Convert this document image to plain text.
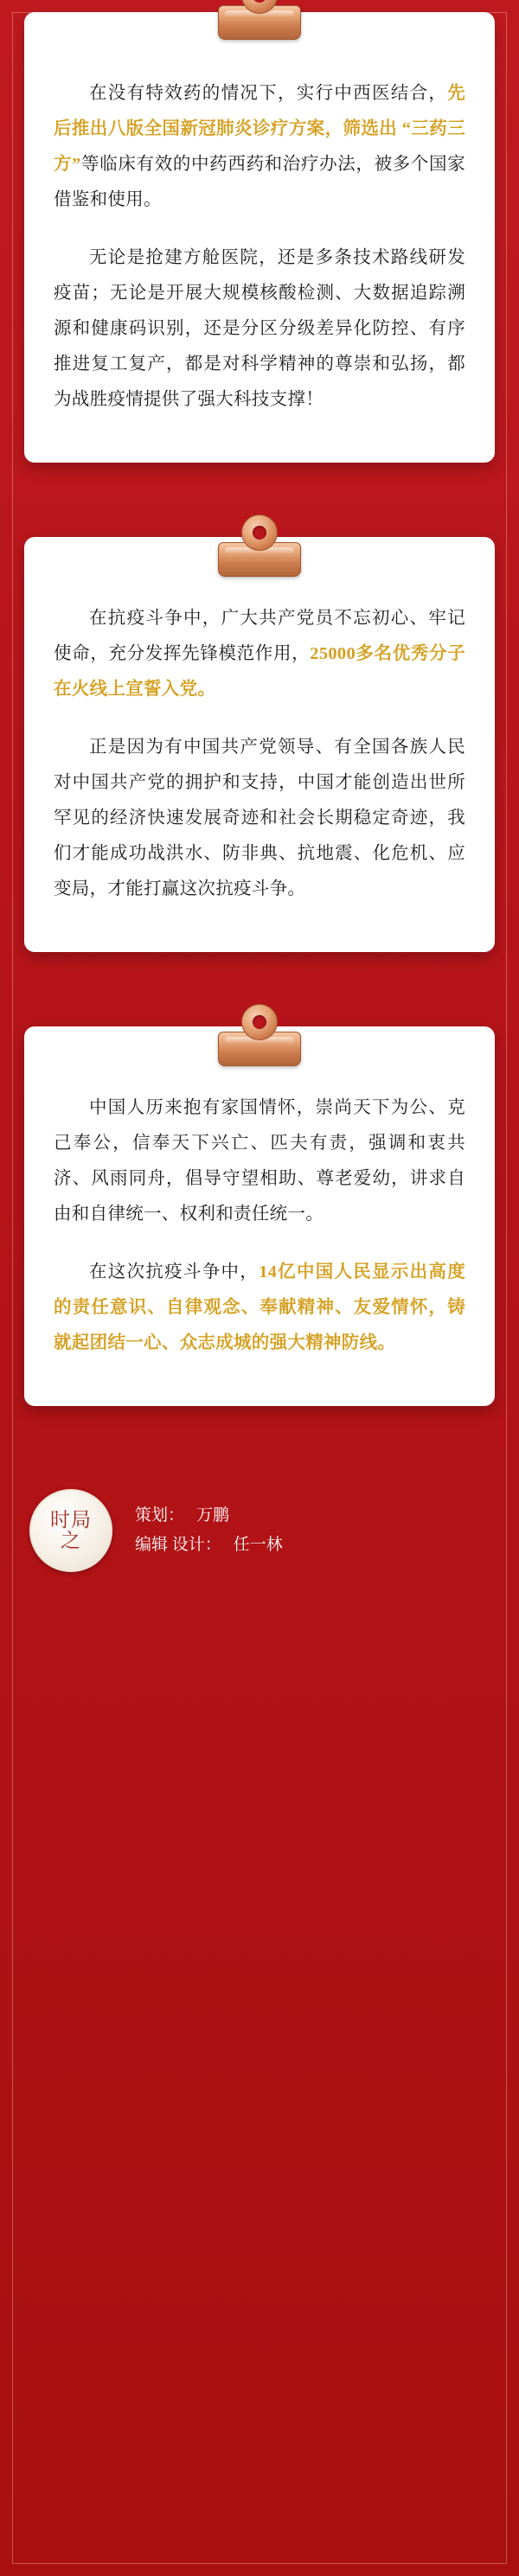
在没有特效药的情况下，实行中西医结合，先后推出八版全国新冠肺炎诊疗方案，筛选出 “三药三方”等临床有效的中药西药和治疗办法，被多个国家借鉴和使用。

无论是抢建方舱医院，还是多条技术路线研发疫苗；无论是开展大规模核酸检测、大数据追踪溯源和健康码识别，还是分区分级差异化防控、有序推进复工复产，都是对科学精神的尊崇和弘扬，都为战胜疫情提供了强大科技支撑！

在抗疫斗争中，广大共产党员不忘初心、牢记使命，充分发挥先锋模范作用，25000多名优秀分子在火线上宣誓入党。

正是因为有中国共产党领导、有全国各族人民对中国共产党的拥护和支持，中国才能创造出世所罕见的经济快速发展奇迹和社会长期稳定奇迹，我们才能成功战洪水、防非典、抗地震、化危机、应变局，才能打赢这次抗疫斗争。

中国人历来抱有家国情怀，崇尚天下为公、克己奉公，信奉天下兴亡、匹夫有责，强调和衷共济、风雨同舟，倡导守望相助、尊老爱幼，讲求自由和自律统一、权利和责任统一。

在这次抗疫斗争中，14亿中国人民显示出高度的责任意识、自律观念、奉献精神、友爱情怀，铸就起团结一心、众志成城的强大精神防线。

时局之
策划： 万鹏
编辑 设计： 任一林
